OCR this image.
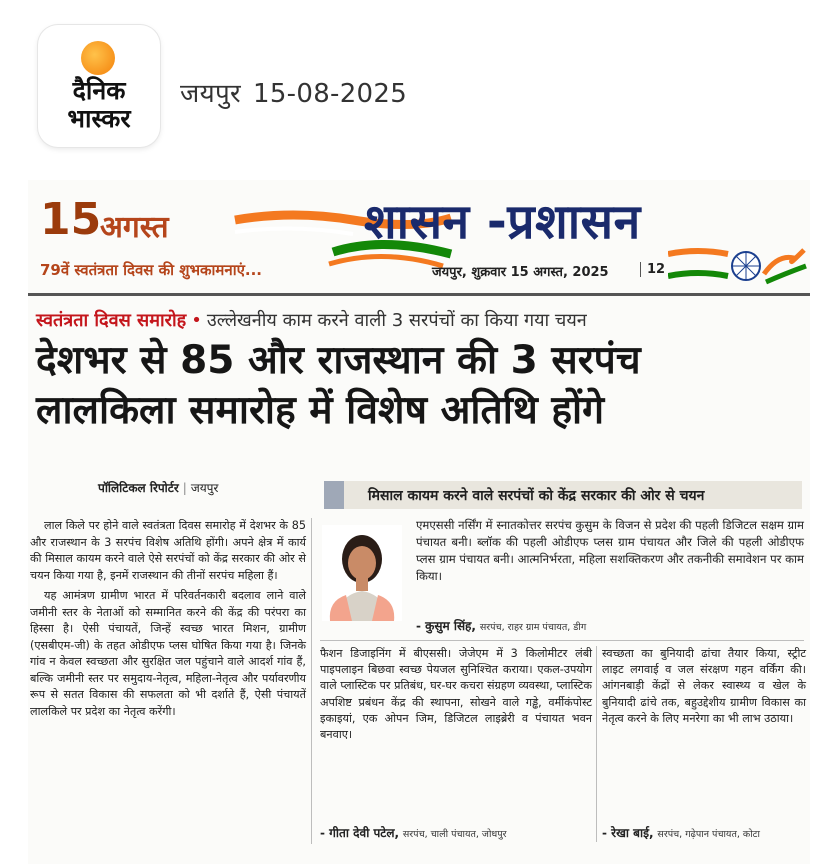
दैनिक
भास्कर
जयपुर 15-08-2025
15
अगस्त
79वें स्वतंत्रता दिवस की शुभकामनाएं...
शासन -प्रशासन
जयपुर, शुक्रवार 15 अगस्त, 2025	12
स्वतंत्रता दिवस समारोह • उल्लेखनीय काम करने वाली 3 सरपंचों का किया गया चयन
देशभर से 85 और राजस्थान की 3 सरपंच
लालकिला समारोह में विशेष अतिथि होंगे
पॉलिटिकल रिपोर्टर | जयपुर	मिसाल कायम करने वाले सरपंचों को केंद्र सरकार की ओर से चयन

लाल किले पर होने वाले स्वतंत्रता दिवस समारोह में देशभर के 85 और राजस्थान के 3 सरपंच विशेष अतिथि होंगी। अपने क्षेत्र में कार्य की मिसाल कायम करने वाले ऐसे सरपंचों को केंद्र सरकार की ओर से चयन किया गया है, इनमें राजस्थान की तीनों सरपंच महिला हैं।

यह आमंत्रण ग्रामीण भारत में परिवर्तनकारी बदलाव लाने वाले जमीनी स्तर के नेताओं को सम्मानित करने की केंद्र की परंपरा का हिस्सा है। ऐसी पंचायतें, जिन्हें स्वच्छ भारत मिशन, ग्रामीण (एसबीएम-जी) के तहत ओडीएफ प्लस घोषित किया गया है। जिनके गांव न केवल स्वच्छता और सुरक्षित जल पहुंचाने वाले आदर्श गांव हैं, बल्कि जमीनी स्तर पर समुदाय-नेतृत्व, महिला-नेतृत्व और पर्यावरणीय रूप से सतत विकास की सफलता को भी दर्शाते हैं, ऐसी पंचायतें लालकिले पर प्रदेश का नेतृत्व करेंगी।

एमएससी नर्सिंग में स्नातकोत्तर सरपंच कुसुम के विजन से प्रदेश की पहली डिजिटल सक्षम ग्राम पंचायत बनी। ब्लॉक की पहली ओडीएफ प्लस ग्राम पंचायत और जिले की पहली ओडीएफ प्लस ग्राम पंचायत बनी। आत्मनिर्भरता, महिला सशक्तिकरण और तकनीकी समावेशन पर काम किया।
- कुसुम सिंह, सरपंच, राहर ग्राम पंचायत, डीग
फैशन डिजाइनिंग में बीएससी। जेजेएम में 3 किलोमीटर लंबी पाइपलाइन बिछवा स्वच्छ पेयजल सुनिश्चित कराया। एकल-उपयोग वाले प्लास्टिक पर प्रतिबंध, घर-घर कचरा संग्रहण व्यवस्था, प्लास्टिक अपशिष्ट प्रबंधन केंद्र की स्थापना, सोखने वाले गड्ढे, वर्मीकंपोस्ट इकाइयां, एक ओपन जिम, डिजिटल लाइब्रेरी व पंचायत भवन बनवाए।
- गीता देवी पटेल, सरपंच, चाली पंचायत, जोधपुर
स्वच्छता का बुनियादी ढांचा तैयार किया, स्ट्रीट लाइट लगवाई व जल संरक्षण गहन वर्किंग की। आंगनबाड़ी केंद्रों से लेकर स्वास्थ्य व खेल के बुनियादी ढांचे तक, बहुउद्देशीय ग्रामीण विकास का नेतृत्व करने के लिए मनरेगा का भी लाभ उठाया।
- रेखा बाई, सरपंच, गढ़ेपान पंचायत, कोटा
